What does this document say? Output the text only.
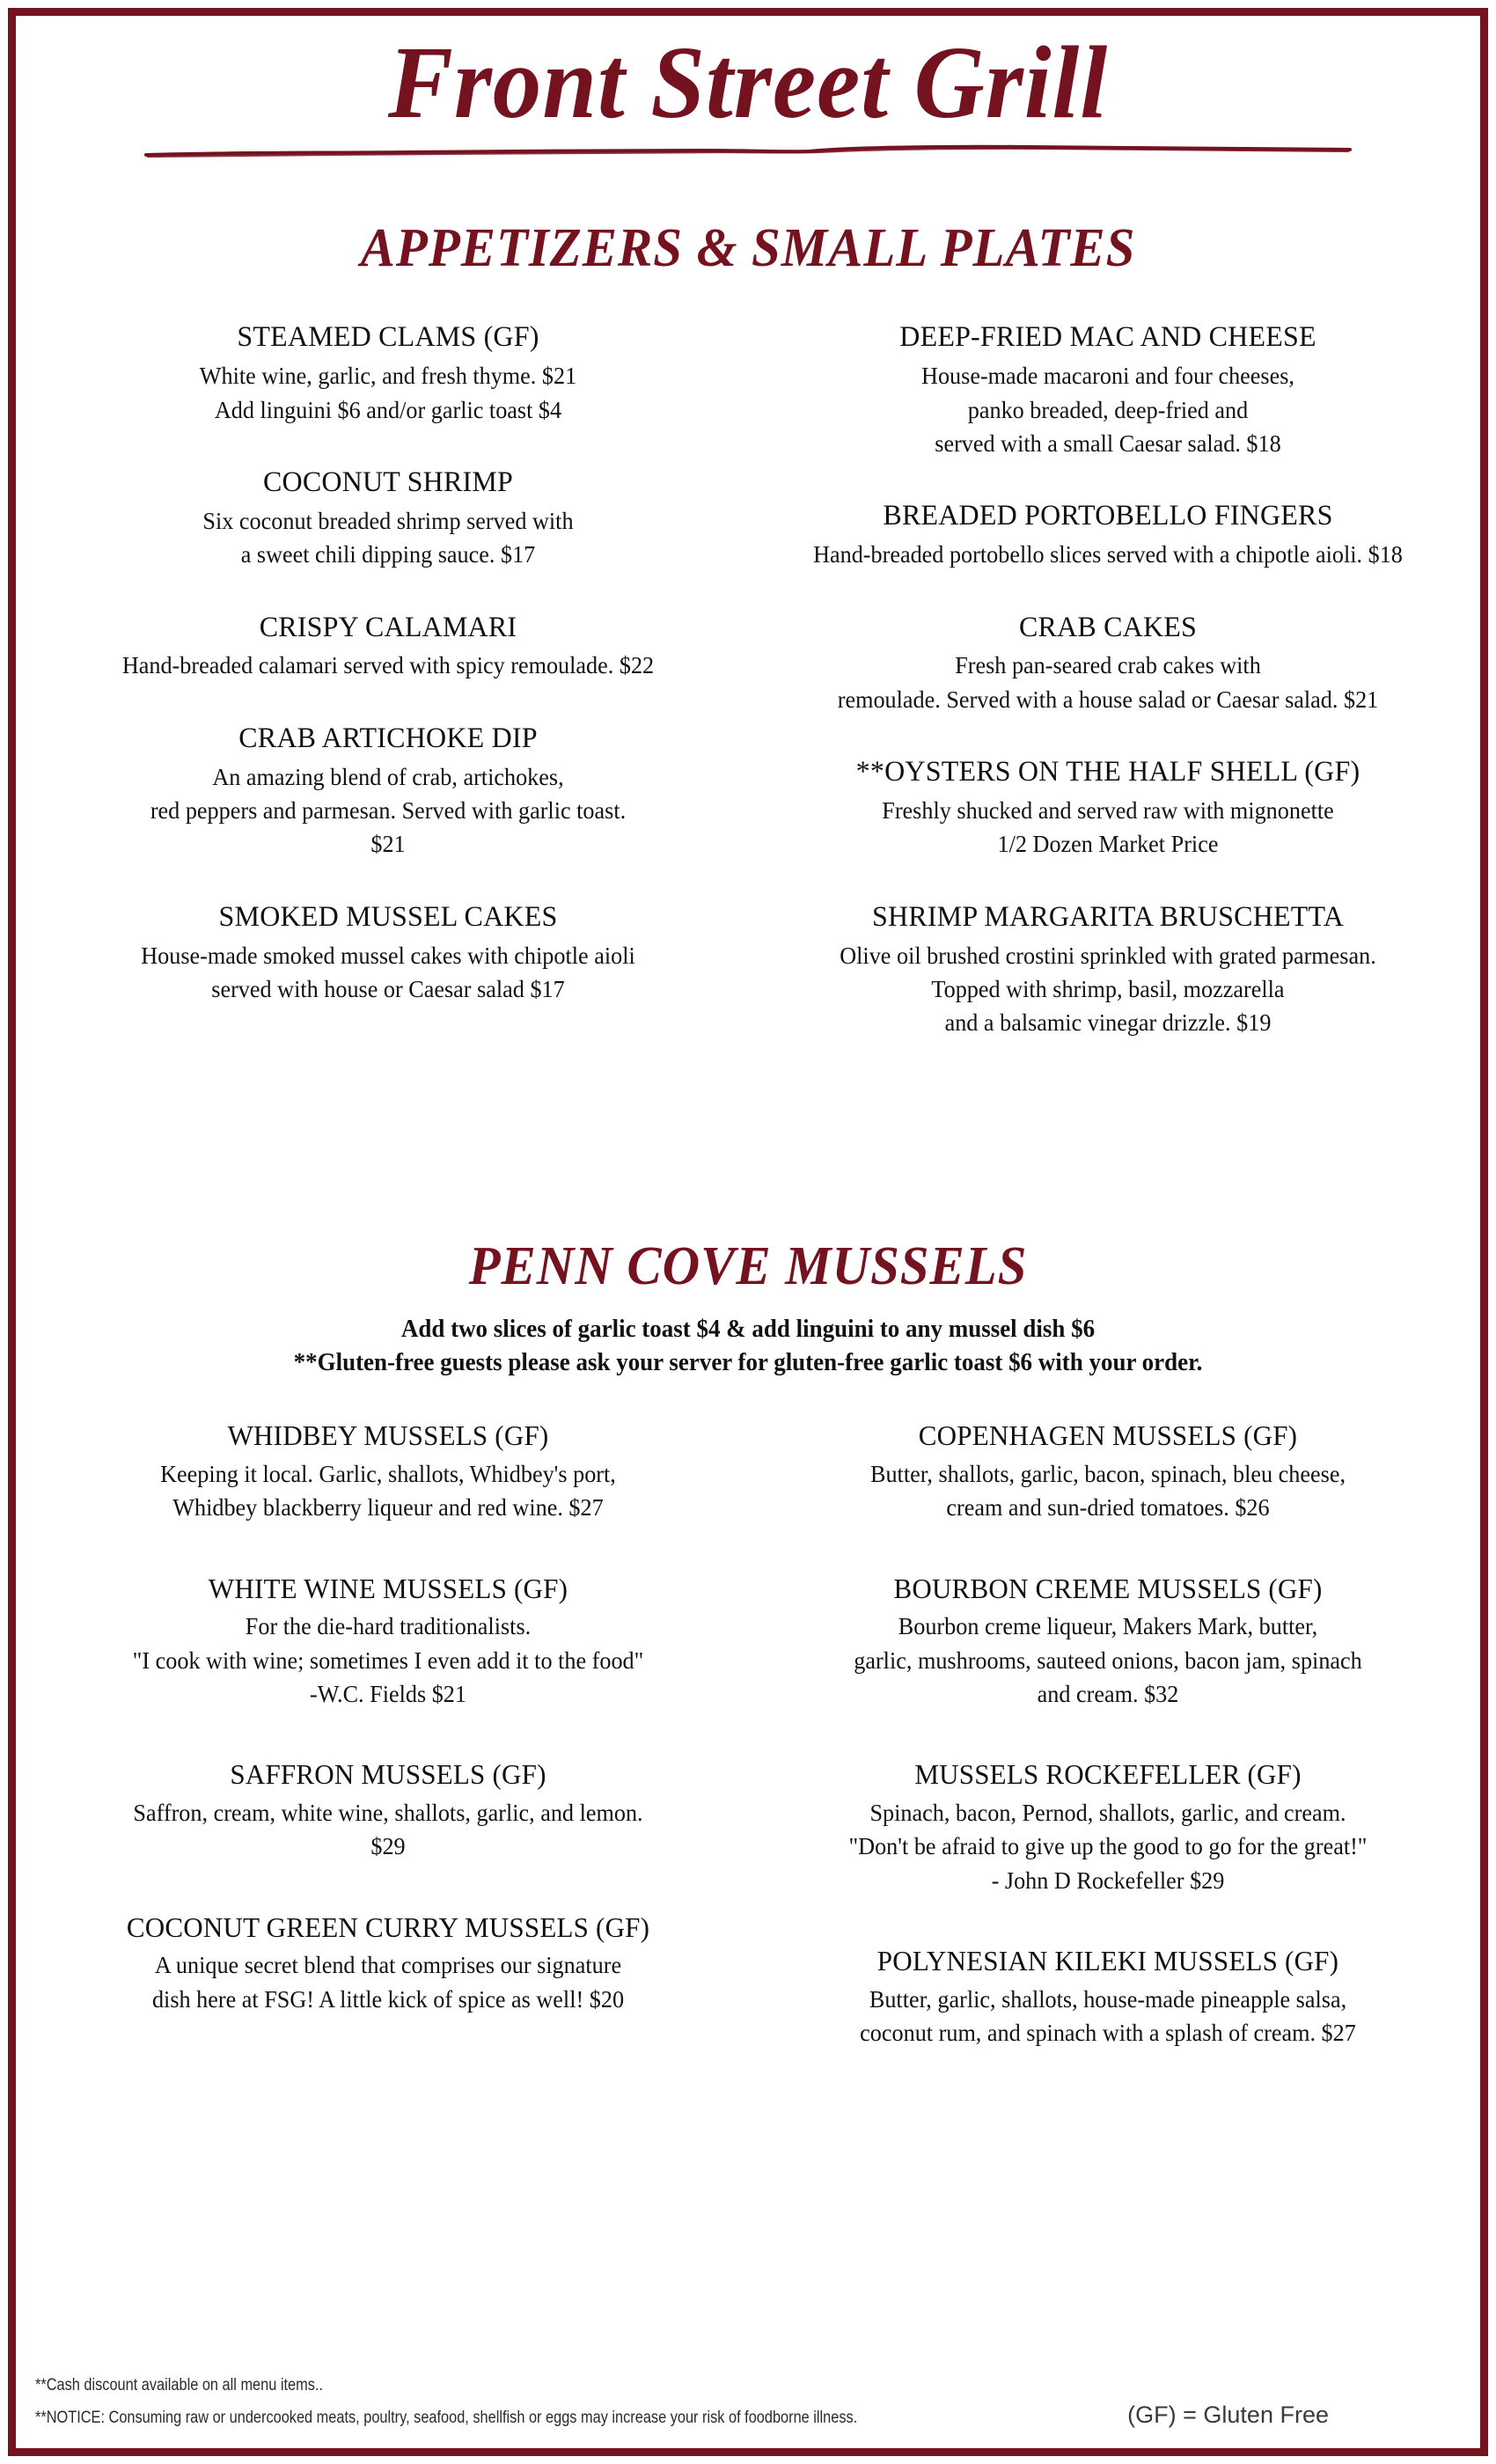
Front Street Grill
APPETIZERS & SMALL PLATES
STEAMED CLAMS (GF)
White wine, garlic, and fresh thyme. $21
Add linguini $6 and/or garlic toast $4
COCONUT SHRIMP
Six coconut breaded shrimp served with
a sweet chili dipping sauce. $17
CRISPY CALAMARI
Hand-breaded calamari served with spicy remoulade. $22
CRAB ARTICHOKE DIP
An amazing blend of crab, artichokes,
red peppers and parmesan. Served with garlic toast.
$21
SMOKED MUSSEL CAKES
House-made smoked mussel cakes with chipotle aioli
served with house or Caesar salad $17
DEEP-FRIED MAC AND CHEESE
House-made macaroni and four cheeses,
panko breaded, deep-fried and
served with a small Caesar salad. $18
BREADED PORTOBELLO FINGERS
Hand-breaded portobello slices served with a chipotle aioli. $18
CRAB CAKES
Fresh pan-seared crab cakes with
remoulade. Served with a house salad or Caesar salad. $21
**OYSTERS ON THE HALF SHELL (GF)
Freshly shucked and served raw with mignonette
1/2 Dozen Market Price
SHRIMP MARGARITA BRUSCHETTA
Olive oil brushed crostini sprinkled with grated parmesan.
Topped with shrimp, basil, mozzarella
and a balsamic vinegar drizzle. $19
PENN COVE MUSSELS
Add two slices of garlic toast $4 & add linguini to any mussel dish $6
**Gluten-free guests please ask your server for gluten-free garlic toast $6 with your order.
WHIDBEY MUSSELS (GF)
Keeping it local. Garlic, shallots, Whidbey's port,
Whidbey blackberry liqueur and red wine. $27
WHITE WINE MUSSELS (GF)
For the die-hard traditionalists.
"I cook with wine; sometimes I even add it to the food"
-W.C. Fields $21
SAFFRON MUSSELS (GF)
Saffron, cream, white wine, shallots, garlic, and lemon.
$29
COCONUT GREEN CURRY MUSSELS (GF)
A unique secret blend that comprises our signature
dish here at FSG! A little kick of spice as well! $20
COPENHAGEN MUSSELS (GF)
Butter, shallots, garlic, bacon, spinach, bleu cheese,
cream and sun-dried tomatoes. $26
BOURBON CREME MUSSELS (GF)
Bourbon creme liqueur, Makers Mark, butter,
garlic, mushrooms, sauteed onions, bacon jam, spinach
and cream. $32
MUSSELS ROCKEFELLER (GF)
Spinach, bacon, Pernod, shallots, garlic, and cream.
"Don't be afraid to give up the good to go for the great!"
- John D Rockefeller $29
POLYNESIAN KILEKI MUSSELS (GF)
Butter, garlic, shallots, house-made pineapple salsa,
coconut rum, and spinach with a splash of cream. $27
**Cash discount available on all menu items..
**NOTICE: Consuming raw or undercooked meats, poultry, seafood, shellfish or eggs may increase your risk of foodborne illness.	(GF) = Gluten Free
